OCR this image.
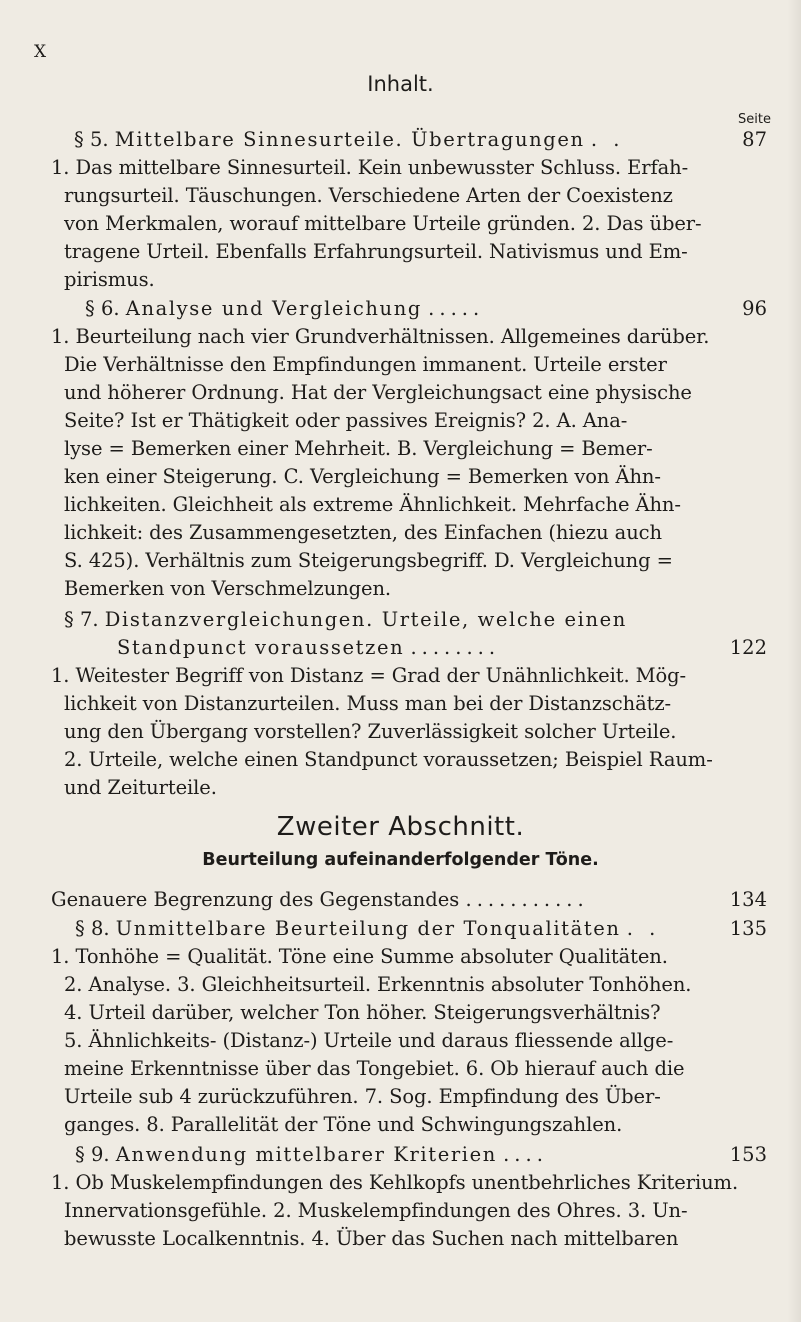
X
Inhalt.
Seite
§ 5. Mittelbare Sinnesurteile. Übertragungen . .	87
1. Das mittelbare Sinnesurteil. Kein unbewusster Schluss. Erfah-
rungsurteil. Täuschungen. Verschiedene Arten der Coexistenz
von Merkmalen, worauf mittelbare Urteile gründen. 2. Das über-
tragene Urteil. Ebenfalls Erfahrungsurteil. Nativismus und Em-
pirismus.
§ 6. Analyse und Vergleichung .....	96
1. Beurteilung nach vier Grundverhältnissen. Allgemeines darüber.
Die Verhältnisse den Empfindungen immanent. Urteile erster
und höherer Ordnung. Hat der Vergleichungsact eine physische
Seite? Ist er Thätigkeit oder passives Ereignis? 2. A. Ana-
lyse = Bemerken einer Mehrheit. B. Vergleichung = Bemer-
ken einer Steigerung. C. Vergleichung = Bemerken von Ähn-
lichkeiten. Gleichheit als extreme Ähnlichkeit. Mehrfache Ähn-
lichkeit: des Zusammengesetzten, des Einfachen (hiezu auch
S. 425). Verhältnis zum Steigerungsbegriff. D. Vergleichung =
Bemerken von Verschmelzungen.
§ 7. Distanzvergleichungen. Urteile, welche einen
Standpunct voraussetzen ........	122
1. Weitester Begriff von Distanz = Grad der Unähnlichkeit. Mög-
lichkeit von Distanzurteilen. Muss man bei der Distanzschätz-
ung den Übergang vorstellen? Zuverlässigkeit solcher Urteile.
2. Urteile, welche einen Standpunct voraussetzen; Beispiel Raum-
Zweiter Abschnitt.
Beurteilung aufeinanderfolgender Töne.
Genauere Begrenzung des Gegenstandes ...........	134
§ 8. Unmittelbare Beurteilung der Tonqualitäten . .	135
1. Tonhöhe = Qualität. Töne eine Summe absoluter Qualitäten.
2. Analyse. 3. Gleichheitsurteil. Erkenntnis absoluter Tonhöhen.
4. Urteil darüber, welcher Ton höher. Steigerungsverhältnis?
5. Ähnlichkeits- (Distanz-) Urteile und daraus fliessende allge-
meine Erkenntnisse über das Tongebiet. 6. Ob hierauf auch die
Urteile sub 4 zurückzuführen. 7. Sog. Empfindung des Über-
ganges. 8. Parallelität der Töne und Schwingungszahlen.
§ 9. Anwendung mittelbarer Kriterien ....	153
1. Ob Muskelempfindungen des Kehlkopfs unentbehrliches Kriterium.
Innervationsgefühle. 2. Muskelempfindungen des Ohres. 3. Un-
bewusste Localkenntnis. 4. Über das Suchen nach mittelbaren
und Zeiturteile.
